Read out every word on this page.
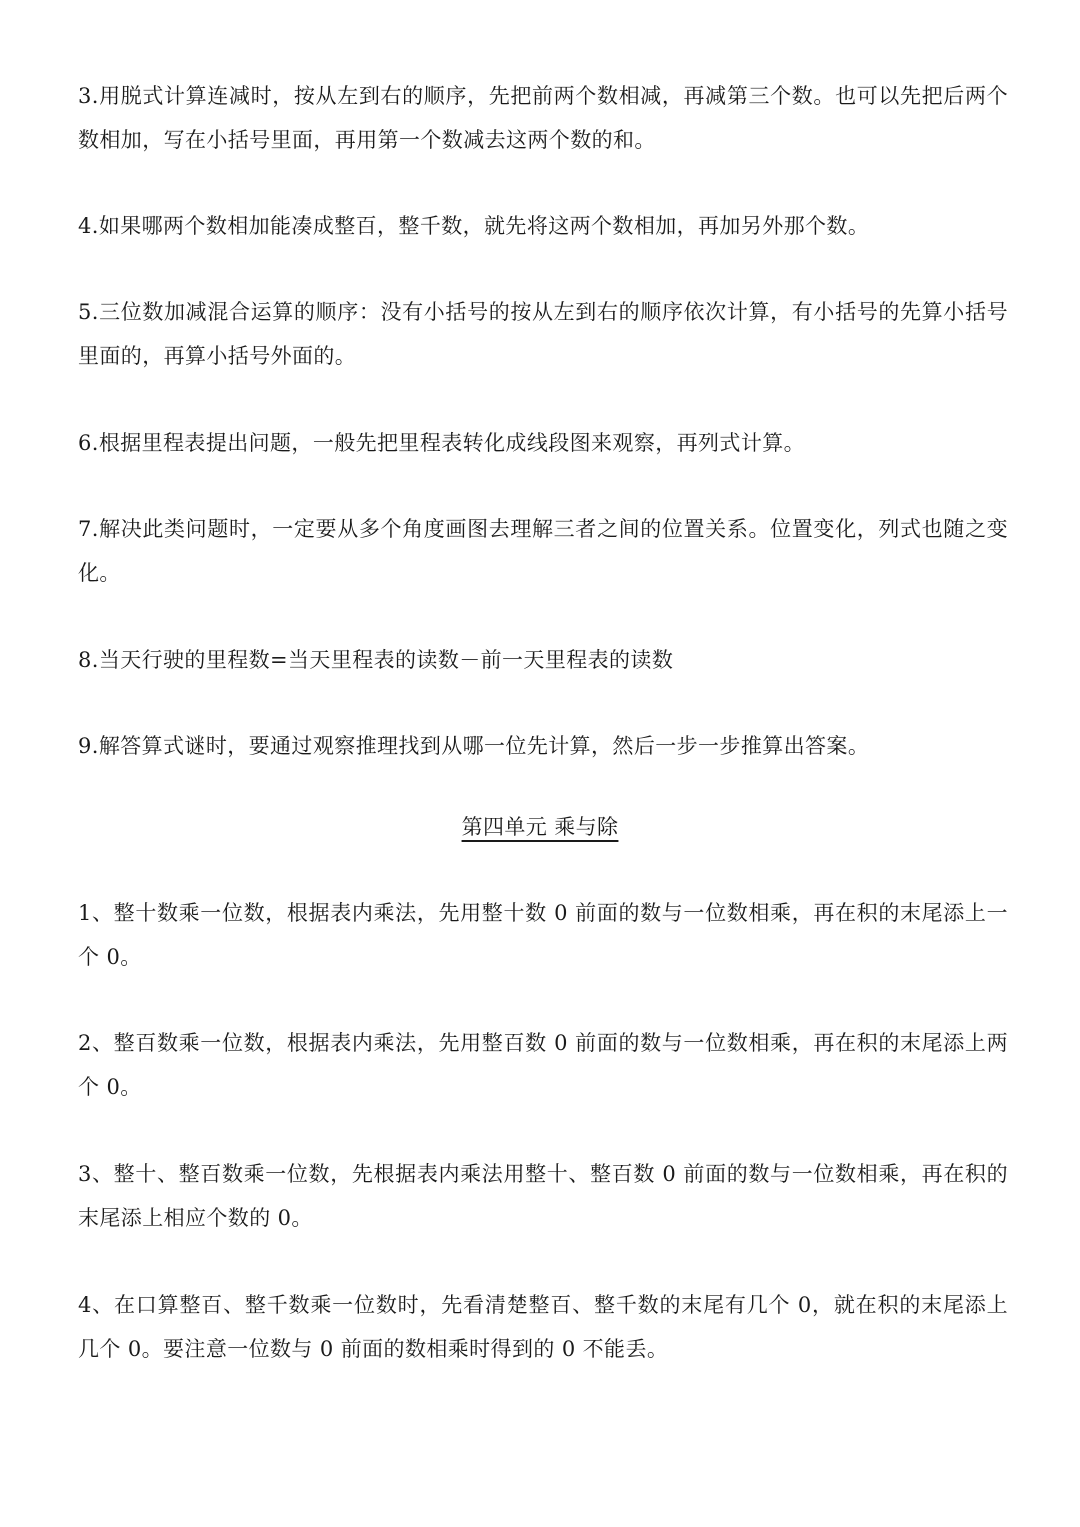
3.用脱式计算连减时，按从左到右的顺序，先把前两个数相减，再减第三个数。也可以先把后两个数相加，写在小括号里面，再用第一个数减去这两个数的和。

4.如果哪两个数相加能凑成整百，整千数，就先将这两个数相加，再加另外那个数。

5.三位数加减混合运算的顺序：没有小括号的按从左到右的顺序依次计算，有小括号的先算小括号里面的，再算小括号外面的。

6.根据里程表提出问题，一般先把里程表转化成线段图来观察，再列式计算。

7.解决此类问题时，一定要从多个角度画图去理解三者之间的位置关系。位置变化，列式也随之变化。

8.当天行驶的里程数=当天里程表的读数－前一天里程表的读数

9.解答算式谜时，要通过观察推理找到从哪一位先计算，然后一步一步推算出答案。

第四单元 乘与除

1、整十数乘一位数，根据表内乘法，先用整十数 0 前面的数与一位数相乘，再在积的末尾添上一个 0。

2、整百数乘一位数，根据表内乘法，先用整百数 0 前面的数与一位数相乘，再在积的末尾添上两个 0。

3、整十、整百数乘一位数，先根据表内乘法用整十、整百数 0 前面的数与一位数相乘，再在积的末尾添上相应个数的 0。

4、在口算整百、整千数乘一位数时，先看清楚整百、整千数的末尾有几个 0，就在积的末尾添上几个 0。要注意一位数与 0 前面的数相乘时得到的 0 不能丢。
